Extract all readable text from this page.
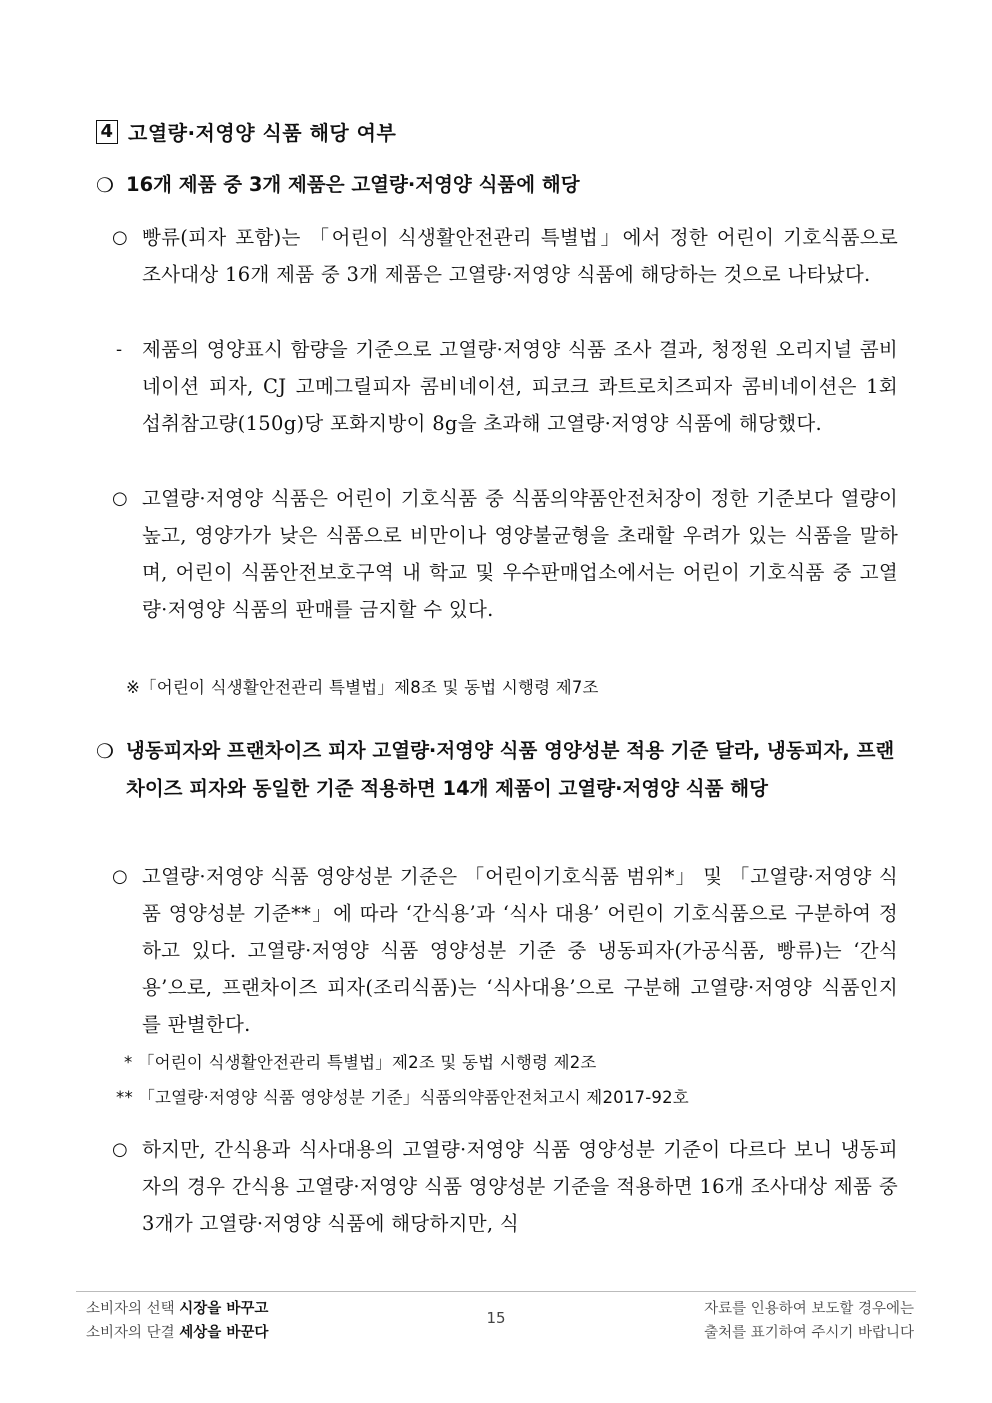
4 고열량·저영양 식품 해당 여부
❍ 16개 제품 중 3개 제품은 고열량·저영양 식품에 해당
○ 빵류(피자 포함)는 「어린이 식생활안전관리 특별법」에서 정한 어린이 기호식품으로 조사대상 16개 제품 중 3개 제품은 고열량·저영양 식품에 해당하는 것으로 나타났다.
- 제품의 영양표시 함량을 기준으로 고열량·저영양 식품 조사 결과, 청정원 오리지널 콤비네이션 피자, CJ 고메그릴피자 콤비네이션, 피코크 콰트로치즈피자 콤비네이션은 1회 섭취참고량(150g)당 포화지방이 8g을 초과해 고열량·저영양 식품에 해당했다.
○ 고열량·저영양 식품은 어린이 기호식품 중 식품의약품안전처장이 정한 기준보다 열량이 높고, 영양가가 낮은 식품으로 비만이나 영양불균형을 초래할 우려가 있는 식품을 말하며, 어린이 식품안전보호구역 내 학교 및 우수판매업소에서는 어린이 기호식품 중 고열량·저영양 식품의 판매를 금지할 수 있다.
※「어린이 식생활안전관리 특별법」제8조 및 동법 시행령 제7조
❍ 냉동피자와 프랜차이즈 피자 고열량·저영양 식품 영양성분 적용 기준 달라, 냉동피자, 프랜차이즈 피자와 동일한 기준 적용하면 14개 제품이 고열량·저영양 식품 해당
○ 고열량·저영양 식품 영양성분 기준은 「어린이기호식품 범위*」 및 「고열량·저영양 식품 영양성분 기준**」에 따라 ‘간식용’과 ‘식사 대용’ 어린이 기호식품으로 구분하여 정하고 있다. 고열량·저영양 식품 영양성분 기준 중 냉동피자(가공식품, 빵류)는 ‘간식용’으로, 프랜차이즈 피자(조리식품)는 ‘식사대용’으로 구분해 고열량·저영양 식품인지를 판별한다.
* 「어린이 식생활안전관리 특별법」제2조 및 동법 시행령 제2조
** 「고열량·저영양 식품 영양성분 기준」식품의약품안전처고시 제2017-92호
○ 하지만, 간식용과 식사대용의 고열량·저영양 식품 영양성분 기준이 다르다 보니 냉동피자의 경우 간식용 고열량·저영양 식품 영양성분 기준을 적용하면 16개 조사대상 제품 중 3개가 고열량·저영양 식품에 해당하지만, 식
소비자의 선택 시장을 바꾸고
소비자의 단결 세상을 바꾼다
15	자료를 인용하여 보도할 경우에는
출처를 표기하여 주시기 바랍니다
